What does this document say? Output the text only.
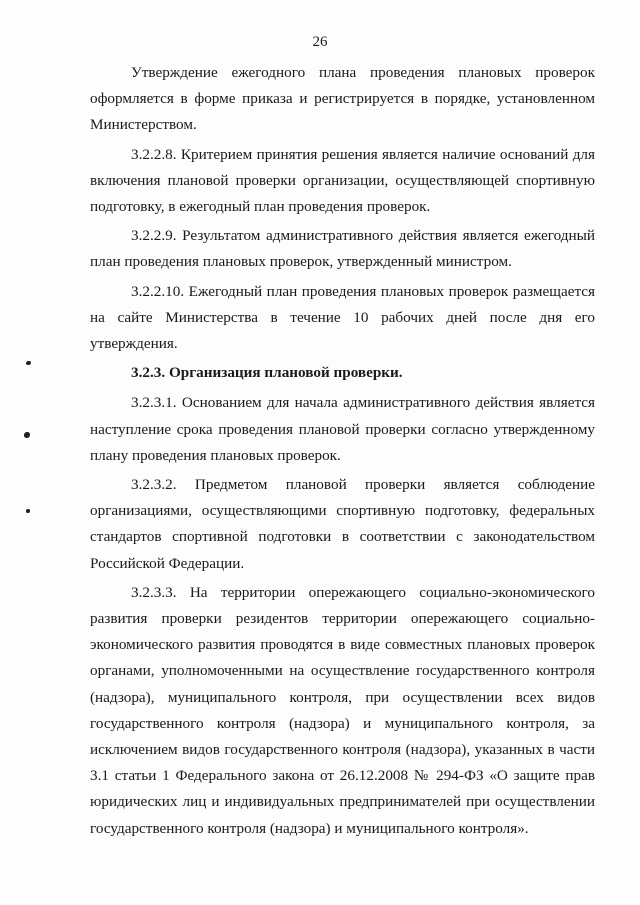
26

Утверждение ежегодного плана проведения плановых проверок оформляется в форме приказа и регистрируется в порядке, установленном Министерством.

3.2.2.8. Критерием принятия решения является наличие оснований для включения плановой проверки организации, осуществляющей спортивную подготовку, в ежегодный план проведения проверок.

3.2.2.9. Результатом административного действия является ежегодный план проведения плановых проверок, утвержденный министром.

3.2.2.10. Ежегодный план проведения плановых проверок размещается на сайте Министерства в течение 10 рабочих дней после дня его утверждения.

3.2.3. Организация плановой проверки.

3.2.3.1. Основанием для начала административного действия является наступление срока проведения плановой проверки согласно утвержденному плану проведения плановых проверок.

3.2.3.2. Предметом плановой проверки является соблюдение организациями, осуществляющими спортивную подготовку, федеральных стандартов спортивной подготовки в соответствии с законодательством Российской Федерации.

3.2.3.3. На территории опережающего социально-экономического развития проверки резидентов территории опережающего социально-экономического развития проводятся в виде совместных плановых проверок органами, уполномоченными на осуществление государственного контроля (надзора), муниципального контроля, при осуществлении всех видов государственного контроля (надзора) и муниципального контроля, за исключением видов государственного контроля (надзора), указанных в части 3.1 статьи 1 Федерального закона от 26.12.2008 № 294-ФЗ «О защите прав юридических лиц и индивидуальных предпринимателей при осуществлении государственного контроля (надзора) и муниципального контроля».
